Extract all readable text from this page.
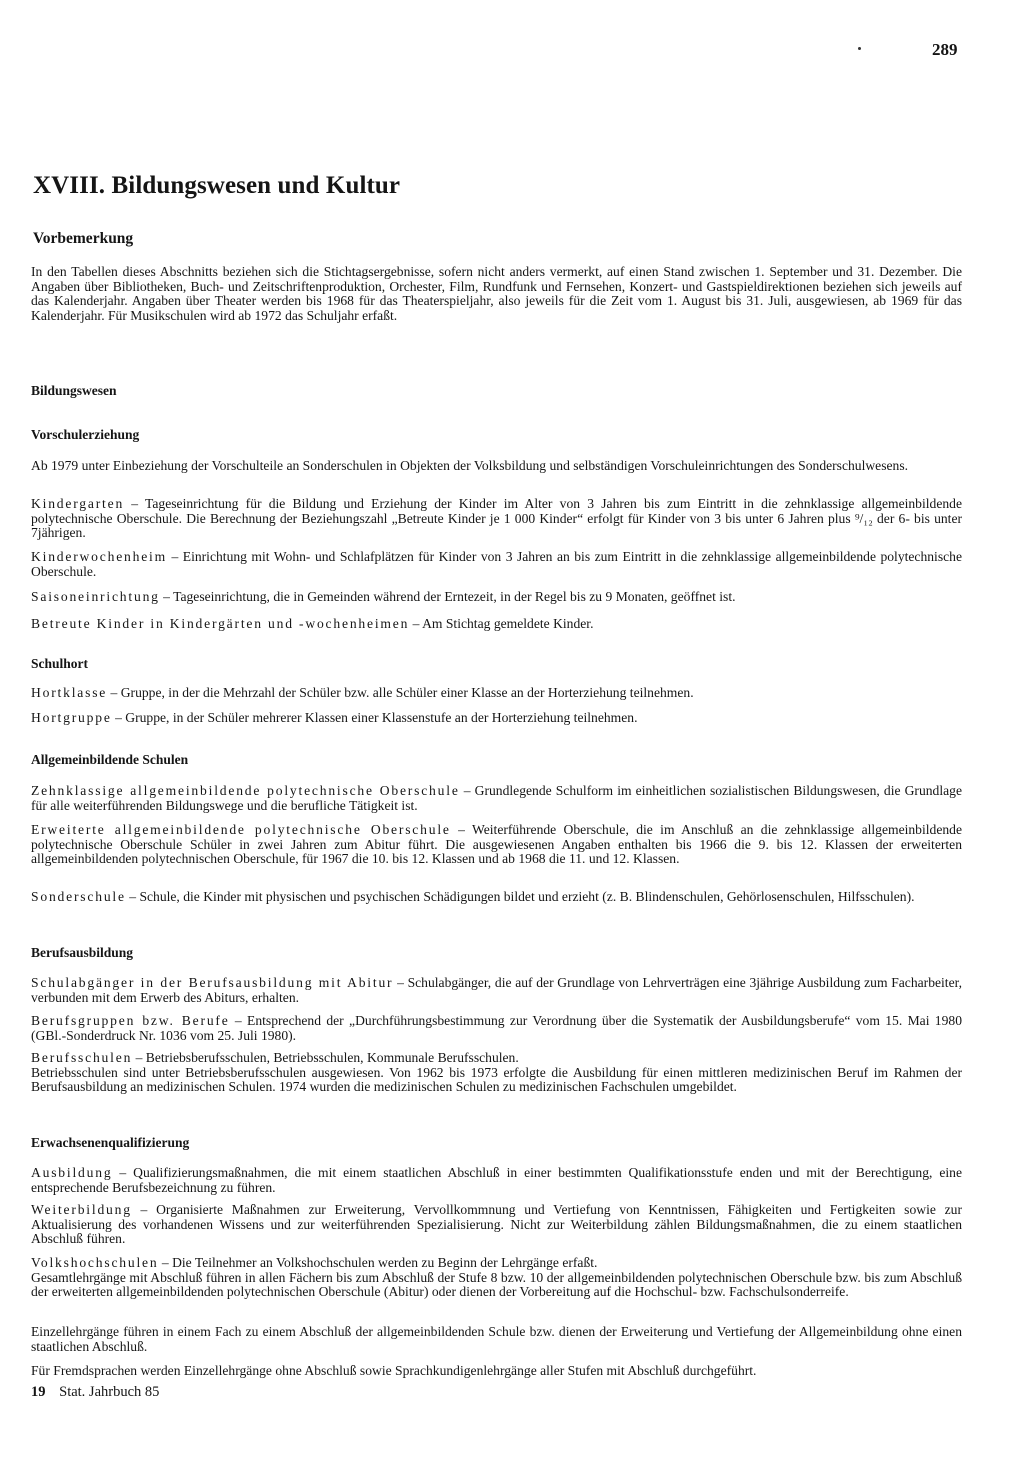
289
XVIII. Bildungswesen und Kultur
Vorbemerkung

In den Tabellen dieses Abschnitts beziehen sich die Stichtagsergebnisse, sofern nicht anders vermerkt, auf einen Stand zwischen 1. September und 31. Dezember. Die Angaben über Bibliotheken, Buch- und Zeitschriftenproduktion, Orchester, Film, Rundfunk und Fernsehen, Konzert- und Gastspieldirektionen beziehen sich jeweils auf das Kalenderjahr. Angaben über Theater werden bis 1968 für das Theaterspieljahr, also jeweils für die Zeit vom 1. August bis 31. Juli, ausgewiesen, ab 1969 für das Kalenderjahr. Für Musikschulen wird ab 1972 das Schuljahr erfaßt.

Bildungswesen
Vorschulerziehung

Ab 1979 unter Einbeziehung der Vorschulteile an Sonderschulen in Objekten der Volksbildung und selbständigen Vorschuleinrichtungen des Sonderschulwesens.

Kindergarten – Tageseinrichtung für die Bildung und Erziehung der Kinder im Alter von 3 Jahren bis zum Eintritt in die zehnklassige allgemeinbildende polytechnische Oberschule. Die Berechnung der Beziehungszahl „Betreute Kinder je 1 000 Kinder“ erfolgt für Kinder von 3 bis unter 6 Jahren plus ⁹/₁₂ der 6- bis unter 7jährigen.

Kinderwochenheim – Einrichtung mit Wohn- und Schlafplätzen für Kinder von 3 Jahren an bis zum Eintritt in die zehnklassige allgemeinbildende polytechnische Oberschule.

Saisoneinrichtung – Tageseinrichtung, die in Gemeinden während der Erntezeit, in der Regel bis zu 9 Monaten, geöffnet ist.

Betreute Kinder in Kindergärten und -wochenheimen – Am Stichtag gemeldete Kinder.

Schulhort

Hortklasse – Gruppe, in der die Mehrzahl der Schüler bzw. alle Schüler einer Klasse an der Horterziehung teilnehmen.

Hortgruppe – Gruppe, in der Schüler mehrerer Klassen einer Klassenstufe an der Horterziehung teilnehmen.

Allgemeinbildende Schulen

Zehnklassige allgemeinbildende polytechnische Oberschule – Grundlegende Schulform im einheitlichen sozialistischen Bildungswesen, die Grundlage für alle weiterführenden Bildungswege und die berufliche Tätigkeit ist.

Erweiterte allgemeinbildende polytechnische Oberschule – Weiterführende Oberschule, die im Anschluß an die zehnklassige allgemeinbildende polytechnische Oberschule Schüler in zwei Jahren zum Abitur führt. Die ausgewiesenen Angaben enthalten bis 1966 die 9. bis 12. Klassen der erweiterten allgemeinbildenden polytechnischen Oberschule, für 1967 die 10. bis 12. Klassen und ab 1968 die 11. und 12. Klassen.

Sonderschule – Schule, die Kinder mit physischen und psychischen Schädigungen bildet und erzieht (z. B. Blindenschulen, Gehörlosenschulen, Hilfsschulen).

Berufsausbildung

Schulabgänger in der Berufsausbildung mit Abitur – Schulabgänger, die auf der Grundlage von Lehrverträgen eine 3jährige Ausbildung zum Facharbeiter, verbunden mit dem Erwerb des Abiturs, erhalten.

Berufsgruppen bzw. Berufe – Entsprechend der „Durchführungsbestimmung zur Verordnung über die Systematik der Ausbildungsberufe“ vom 15. Mai 1980 (GBl.-Sonderdruck Nr. 1036 vom 25. Juli 1980).

Berufsschulen – Betriebsberufsschulen, Betriebsschulen, Kommunale Berufsschulen.
Betriebsschulen sind unter Betriebsberufsschulen ausgewiesen. Von 1962 bis 1973 erfolgte die Ausbildung für einen mittleren medizinischen Beruf im Rahmen der Berufsausbildung an medizinischen Schulen. 1974 wurden die medizinischen Schulen zu medizinischen Fachschulen umgebildet.

Erwachsenenqualifizierung

Ausbildung – Qualifizierungsmaßnahmen, die mit einem staatlichen Abschluß in einer bestimmten Qualifikationsstufe enden und mit der Berechtigung, eine entsprechende Berufsbezeichnung zu führen.

Weiterbildung – Organisierte Maßnahmen zur Erweiterung, Vervollkommnung und Vertiefung von Kenntnissen, Fähigkeiten und Fertigkeiten sowie zur Aktualisierung des vorhandenen Wissens und zur weiterführenden Spezialisierung. Nicht zur Weiterbildung zählen Bildungsmaßnahmen, die zu einem staatlichen Abschluß führen.

Volkshochschulen – Die Teilnehmer an Volkshochschulen werden zu Beginn der Lehrgänge erfaßt.
Gesamtlehrgänge mit Abschluß führen in allen Fächern bis zum Abschluß der Stufe 8 bzw. 10 der allgemeinbildenden polytechnischen Oberschule bzw. bis zum Abschluß der erweiterten allgemeinbildenden polytechnischen Oberschule (Abitur) oder dienen der Vorbereitung auf die Hochschul- bzw. Fachschulsonderreife.

Einzellehrgänge führen in einem Fach zu einem Abschluß der allgemeinbildenden Schule bzw. dienen der Erweiterung und Vertiefung der Allgemeinbildung ohne einen staatlichen Abschluß.

Für Fremdsprachen werden Einzellehrgänge ohne Abschluß sowie Sprachkundigenlehrgänge aller Stufen mit Abschluß durchgeführt.

19 Stat. Jahrbuch 85
